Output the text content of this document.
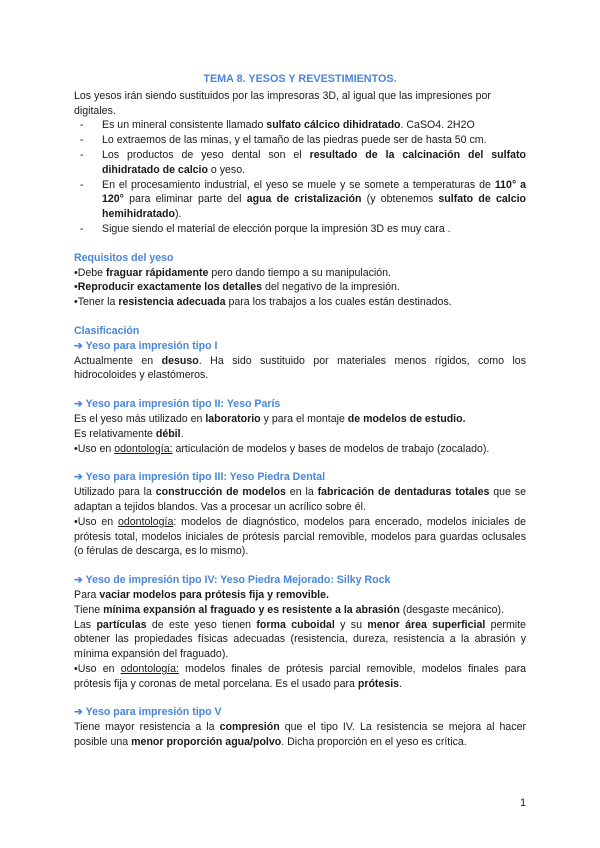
TEMA 8. YESOS Y REVESTIMIENTOS.

Los yesos irán siendo sustituidos por las impresoras 3D, al igual que las impresiones por digitales.

- Es un mineral consistente llamado sulfato cálcico dihidratado. CaSO4. 2H2O
- Lo extraemos de las minas, y el tamaño de las piedras puede ser de hasta 50 cm.
- Los productos de yeso dental son el resultado de la calcinación del sulfato dihidratado de calcio o yeso.
- En el procesamiento industrial, el yeso se muele y se somete a temperaturas de 110° a 120° para eliminar parte del agua de cristalización (y obtenemos sulfato de calcio hemihidratado).
- Sigue siendo el material de elección porque la impresión 3D es muy cara .

Requisitos del yeso

• Debe fraguar rápidamente pero dando tiempo a su manipulación.

• Reproducir exactamente los detalles del negativo de la impresión.

• Tener la resistencia adecuada para los trabajos a los cuales están destinados.

Clasificación

➔ Yeso para impresión tipo I

Actualmente en desuso. Ha sido sustituido por materiales menos rígidos, como los hidrocoloides y elastómeros.

➔ Yeso para impresión tipo II: Yeso París

Es el yeso más utilizado en laboratorio y para el montaje de modelos de estudio.

Es relativamente débil.

• Uso en odontología: articulación de modelos y bases de modelos de trabajo (zocalado).

➔ Yeso para impresión tipo III: Yeso Piedra Dental

Utilizado para la construcción de modelos en la fabricación de dentaduras totales que se adaptan a tejidos blandos. Vas a procesar un acrílico sobre él.

• Uso en odontología: modelos de diagnóstico, modelos para encerado, modelos iniciales de prótesis total, modelos iniciales de prótesis parcial removible, modelos para guardas oclusales (o férulas de descarga, es lo mismo).

➔ Yeso de impresión tipo IV: Yeso Piedra Mejorado: Silky Rock

Para vaciar modelos para prótesis fija y removible.

Tiene mínima expansión al fraguado y es resistente a la abrasión (desgaste mecánico).

Las partículas de este yeso tienen forma cuboidal y su menor área superficial permite obtener las propiedades físicas adecuadas (resistencia, dureza, resistencia a la abrasión y mínima expansión del fraguado).

• Uso en odontología: modelos finales de prótesis parcial removible, modelos finales para prótesis fija y coronas de metal porcelana. Es el usado para prótesis.

➔ Yeso para impresión tipo V

Tiene mayor resistencia a la compresión que el tipo IV. La resistencia se mejora al hacer posible una menor proporción agua/polvo. Dicha proporción en el yeso es crítica.

1
